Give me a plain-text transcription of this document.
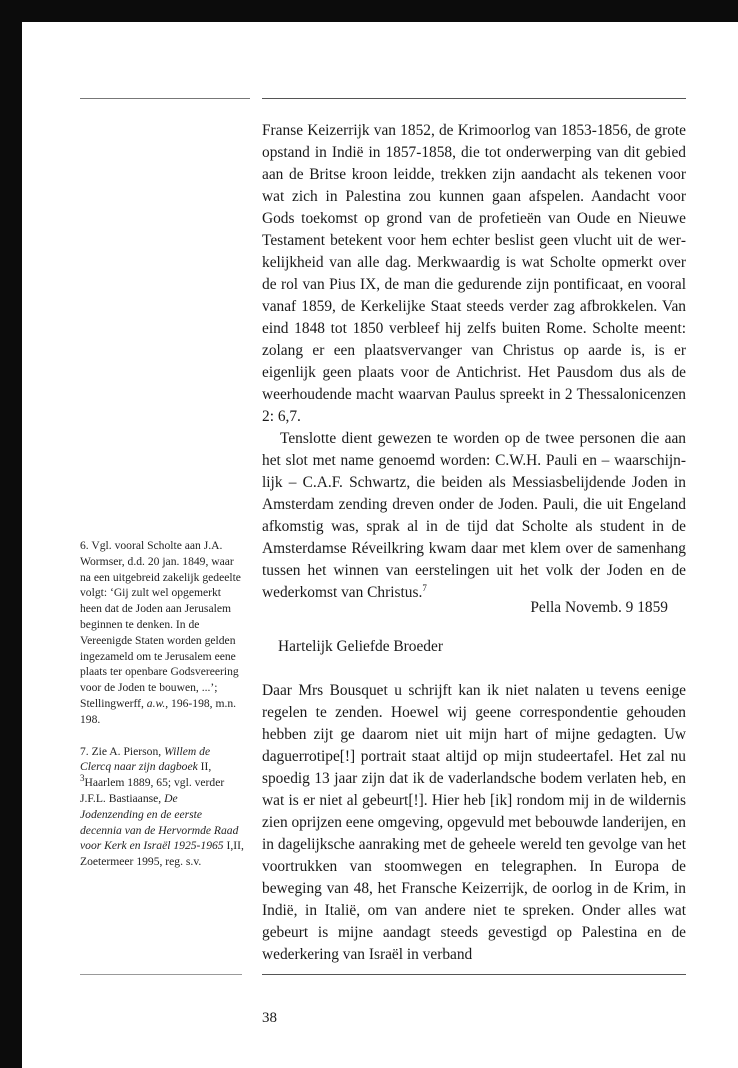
Franse Keizerrijk van 1852, de Krimoorlog van 1853-1856, de grote opstand in Indië in 1857-1858, die tot onderwerping van dit gebied aan de Britse kroon leidde, trekken zijn aandacht als tekenen voor wat zich in Palestina zou kunnen gaan afspelen. Aandacht voor Gods toekomst op grond van de profetieën van Oude en Nieuwe Testament betekent voor hem echter beslist geen vlucht uit de werkelijkheid van alle dag. Merkwaardig is wat Scholte opmerkt over de rol van Pius IX, de man die gedurende zijn pontificaat, en vooral vanaf 1859, de Kerkelijke Staat steeds verder zag afbrokkelen. Van eind 1848 tot 1850 verbleef hij zelfs buiten Rome. Scholte meent: zolang er een plaatsvervanger van Christus op aarde is, is er eigenlijk geen plaats voor de Antichrist. Het Pausdom dus als de weerhoudende macht waarvan Paulus spreekt in 2 Thessalonicenzen 2: 6,7.

Tenslotte dient gewezen te worden op de twee personen die aan het slot met name genoemd worden: C.W.H. Pauli en – waarschijnlijk – C.A.F. Schwartz, die beiden als Messiasbelijdende Joden in Amsterdam zending dreven onder de Joden. Pauli, die uit Engeland afkomstig was, sprak al in de tijd dat Scholte als student in de Amsterdamse Réveilkring kwam daar met klem over de samenhang tussen het winnen van eerstelingen uit het volk der Joden en de wederkomst van Christus.$^7$

Pella Novemb. 9 1859
Hartelijk Geliefde Broeder

Daar Mrs Bousquet u schrijft kan ik niet nalaten u tevens eenige regelen te zenden. Hoewel wij geene correspondentie gehouden hebben zijt ge daarom niet uit mijn hart of mijne gedagten. Uw daguerrotipe[!] portrait staat altijd op mijn studeertafel. Het zal nu spoedig 13 jaar zijn dat ik de vaderlandsche bodem verlaten heb, en wat is er niet al gebeurt[!]. Hier heb [ik] rondom mij in de wildernis zien oprijzen eene omgeving, opgevuld met bebouwde landerijen, en in dagelijksche aanraking met de geheele wereld ten gevolge van het voortrukken van stoomwegen en telegraphen. In Europa de beweging van 48, het Fransche Keizerrijk, de oorlog in de Krim, in Indië, in Italië, om van andere niet te spreken. Onder alles wat gebeurt is mijne aandagt steeds gevestigd op Palestina en de wederkering van Israël in verband

6. Vgl. vooral Scholte aan J.A. Wormser, d.d. 20 jan. 1849, waar na een uitgebreid zakelijk gedeelte volgt: ‘Gij zult wel opgemerkt heen dat de Joden aan Jerusalem beginnen te denken. In de Vereenigde Staten worden gelden ingezameld om te Jerusalem eene plaats ter openbare Godsvereering voor de Joden te bouwen, ...’; Stellingwerff, a.w., 196-198, m.n. 198.

7. Zie A. Pierson, Willem de Clercq naar zijn dagboek II, $^3$Haarlem 1889, 65; vgl. verder J.F.L. Bastiaanse, De Jodenzending en de eerste decennia van de Hervormde Raad voor Kerk en Israël 1925-1965 I,II, Zoetermeer 1995, reg. s.v.

38
